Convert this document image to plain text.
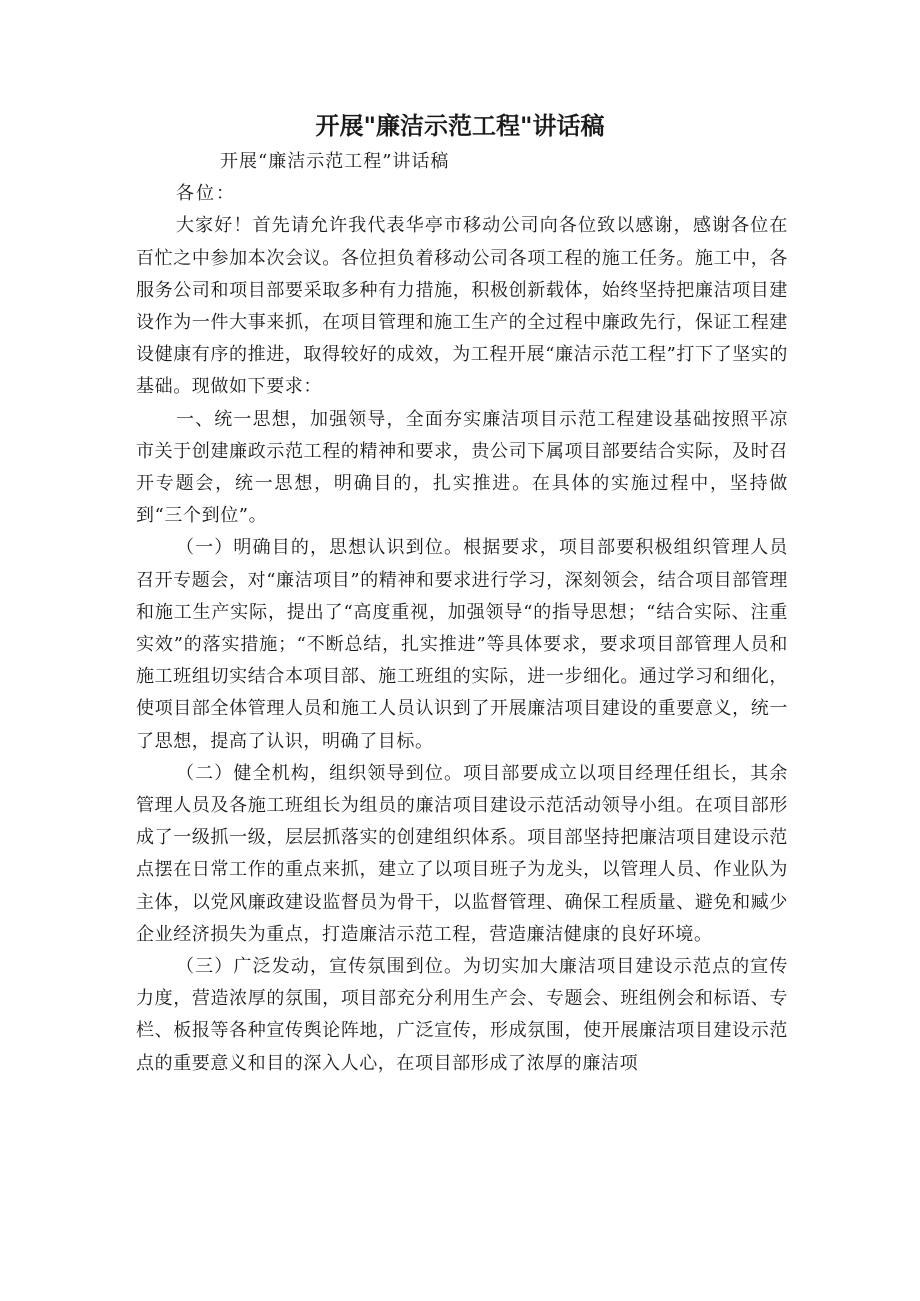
开展"廉洁示范工程"讲话稿

开展“廉洁示范工程”讲话稿

各位：

大家好！首先请允许我代表华亭市移动公司向各位致以感谢，感谢各位在百忙之中参加本次会议。各位担负着移动公司各项工程的施工任务。施工中，各服务公司和项目部要采取多种有力措施，积极创新载体，始终坚持把廉洁项目建设作为一件大事来抓，在项目管理和施工生产的全过程中廉政先行，保证工程建设健康有序的推进，取得较好的成效，为工程开展“廉洁示范工程”打下了坚实的基础。现做如下要求：

一、统一思想，加强领导，全面夯实廉洁项目示范工程建设基础按照平凉市关于创建廉政示范工程的精神和要求，贵公司下属项目部要结合实际，及时召开专题会，统一思想，明确目的，扎实推进。在具体的实施过程中，坚持做到“三个到位”。

（一）明确目的，思想认识到位。根据要求，项目部要积极组织管理人员召开专题会，对“廉洁项目”的精神和要求进行学习，深刻领会，结合项目部管理和施工生产实际，提出了“高度重视，加强领导“的指导思想；“结合实际、注重实效”的落实措施；“不断总结，扎实推进”等具体要求，要求项目部管理人员和施工班组切实结合本项目部、施工班组的实际，进一步细化。通过学习和细化，使项目部全体管理人员和施工人员认识到了开展廉洁项目建设的重要意义，统一了思想，提高了认识，明确了目标。

（二）健全机构，组织领导到位。项目部要成立以项目经理任组长，其余管理人员及各施工班组长为组员的廉洁项目建设示范活动领导小组。在项目部形成了一级抓一级，层层抓落实的创建组织体系。项目部坚持把廉洁项目建设示范点摆在日常工作的重点来抓，建立了以项目班子为龙头，以管理人员、作业队为主体，以党风廉政建设监督员为骨干，以监督管理、确保工程质量、避免和臧少企业经济损失为重点，打造廉洁示范工程，营造廉洁健康的良好环境。

（三）广泛发动，宣传氛围到位。为切实加大廉洁项目建设示范点的宣传力度，营造浓厚的氛围，项目部充分利用生产会、专题会、班组例会和标语、专栏、板报等各种宣传舆论阵地，广泛宣传，形成氛围，使开展廉洁项目建设示范点的重要意义和目的深入人心，在项目部形成了浓厚的廉洁项
